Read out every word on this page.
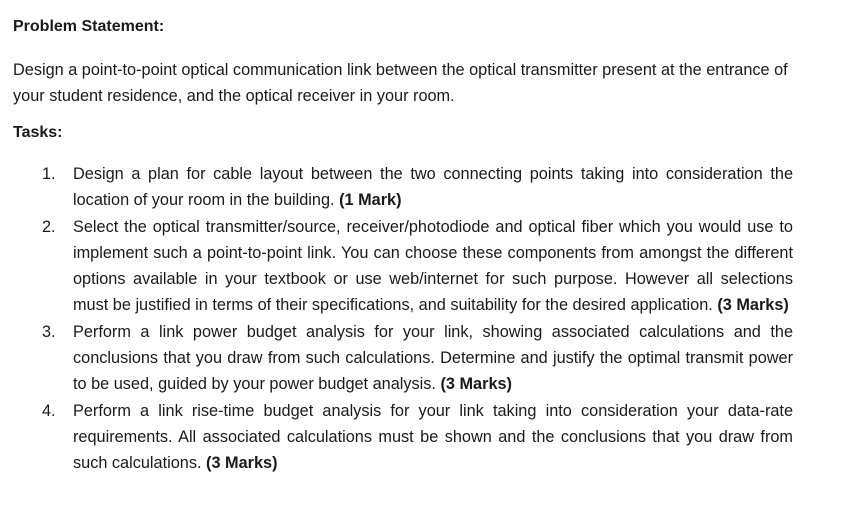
Problem Statement:
Design a point-to-point optical communication link between the optical transmitter present at the entrance of your student residence, and the optical receiver in your room.
Tasks:
1.	Design a plan for cable layout between the two connecting points taking into consideration the location of your room in the building. (1 Mark)
2.	Select the optical transmitter/source, receiver/photodiode and optical fiber which you would use to implement such a point-to-point link. You can choose these components from amongst the different options available in your textbook or use web/internet for such purpose. However all selections must be justified in terms of their specifications, and suitability for the desired application. (3 Marks)
3.	Perform a link power budget analysis for your link, showing associated calculations and the conclusions that you draw from such calculations. Determine and justify the optimal transmit power to be used, guided by your power budget analysis. (3 Marks)
4.	Perform a link rise-time budget analysis for your link taking into consideration your data-rate requirements. All associated calculations must be shown and the conclusions that you draw from such calculations. (3 Marks)
